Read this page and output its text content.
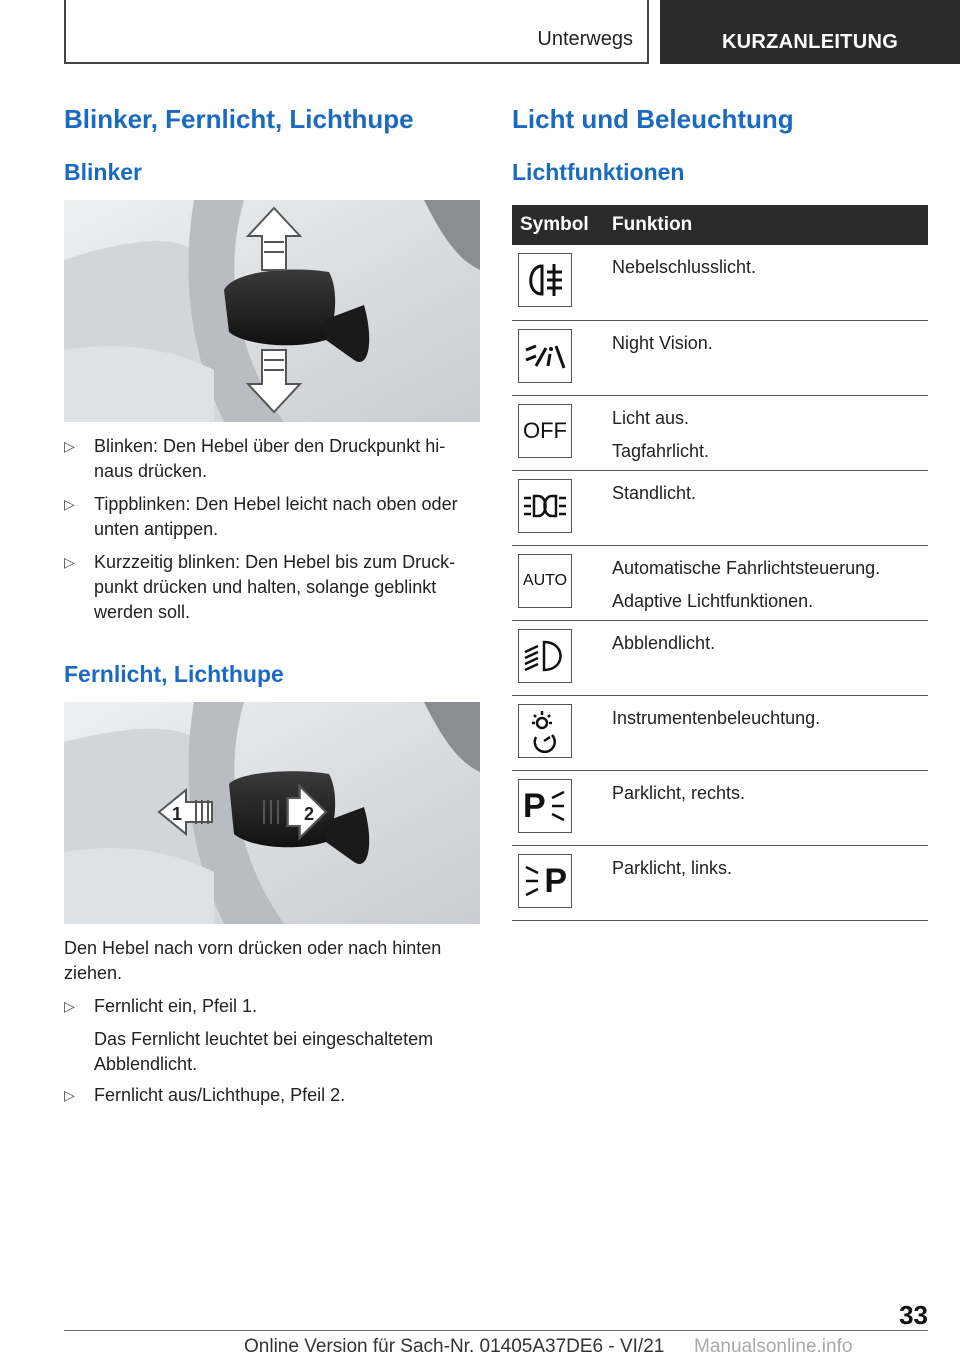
Unterwegs	KURZANLEITUNG
Blinker, Fernlicht, Lichthupe
Blinker
▷ Blinken: Den Hebel über den Druckpunkt hi‐ naus drücken.
▷ Tippblinken: Den Hebel leicht nach oben oder unten antippen.
▷ Kurzzeitig blinken: Den Hebel bis zum Druck‐ punkt drücken und halten, solange geblinkt werden soll.
Fernlicht, Lichthupe
1	2
Den Hebel nach vorn drücken oder nach hinten ziehen.
▷ Fernlicht ein, Pfeil 1.
Das Fernlicht leuchtet bei eingeschaltetem Abblendlicht.
▷ Fernlicht aus/Lichthupe, Pfeil 2.
Licht und Beleuchtung
Lichtfunktionen
Symbol	Funktion

	Nebelschlusslicht.

	Night Vision.

OFF	Licht aus.
Tagfahrlicht.

	Standlicht.

AUTO	Automatische Fahrlichtsteuerung.
Adaptive Lichtfunktionen.

	Abblendlicht.

	Instrumentenbeleuchtung.

P	Parklicht, rechts.

P	Parklicht, links.
33
Online Version für Sach-Nr. 01405A37DE6 - VI/21 Manualsonline.info
